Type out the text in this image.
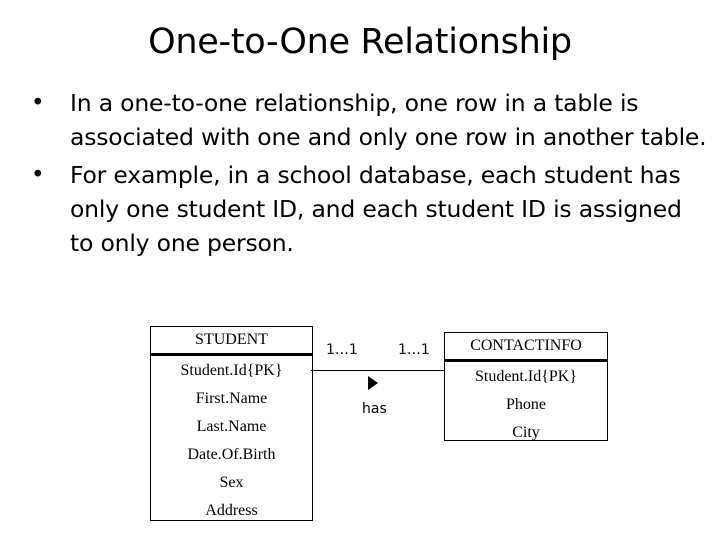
One-to-One Relationship
• In a one-to-one relationship, one row in a table is associated with one and only one row in another table.
• For example, in a school database, each student has only one student ID, and each student ID is assigned to only one person.
STUDENT
Student.Id{PK}
First.Name
Last.Name
Date.Of.Birth
Sex
Address
CONTACTINFO
Student.Id{PK}
Phone
City
1…1	1…1
has
